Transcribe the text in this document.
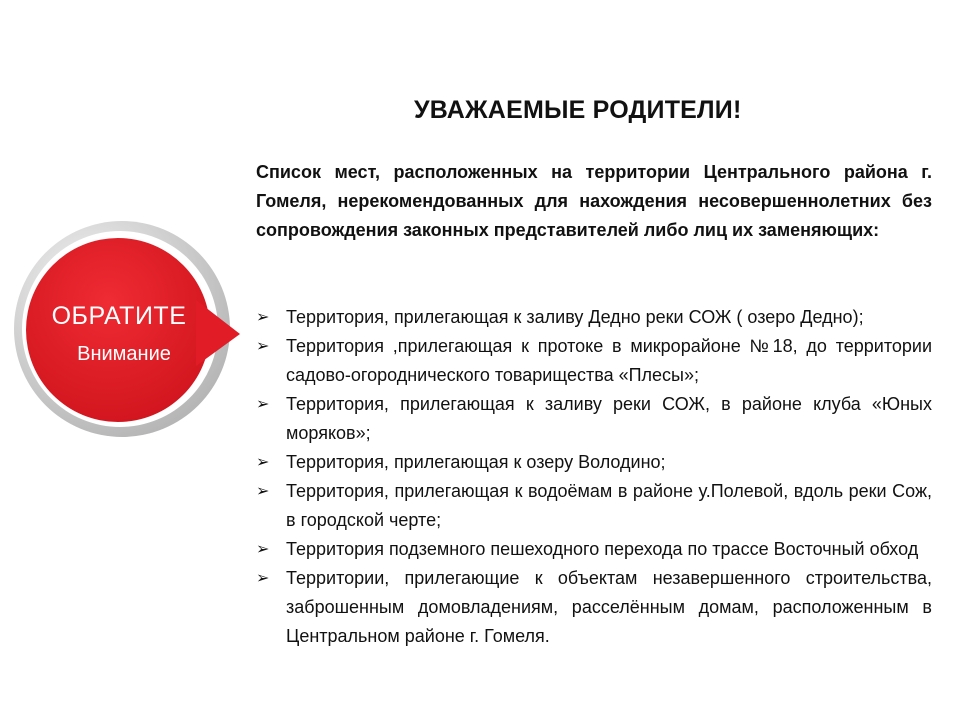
ОБРАТИТЕ
Внимание
УВАЖАЕМЫЕ РОДИТЕЛИ!
Список мест, расположенных на территории Центрального района г. Гомеля, нерекомендованных для нахождения несовершеннолетних без сопровождения законных представителей либо лиц их заменяющих:
➢ Территория, прилегающая к заливу Дедно реки СОЖ ( озеро Дедно);
➢ Территория ,прилегающая к протоке в микрорайоне №18, до территории садово-огороднического товарищества «Плесы»;
➢ Территория, прилегающая к заливу реки СОЖ, в районе клуба «Юных моряков»;
➢ Территория, прилегающая к озеру Володино;
➢ Территория, прилегающая к водоёмам в районе у.Полевой, вдоль реки Сож, в городской черте;
➢ Территория подземного пешеходного перехода по трассе Восточный обход
➢ Территории, прилегающие к объектам незавершенного строительства, заброшенным домовладениям, расселённым домам, расположенным в Центральном районе г. Гомеля.
